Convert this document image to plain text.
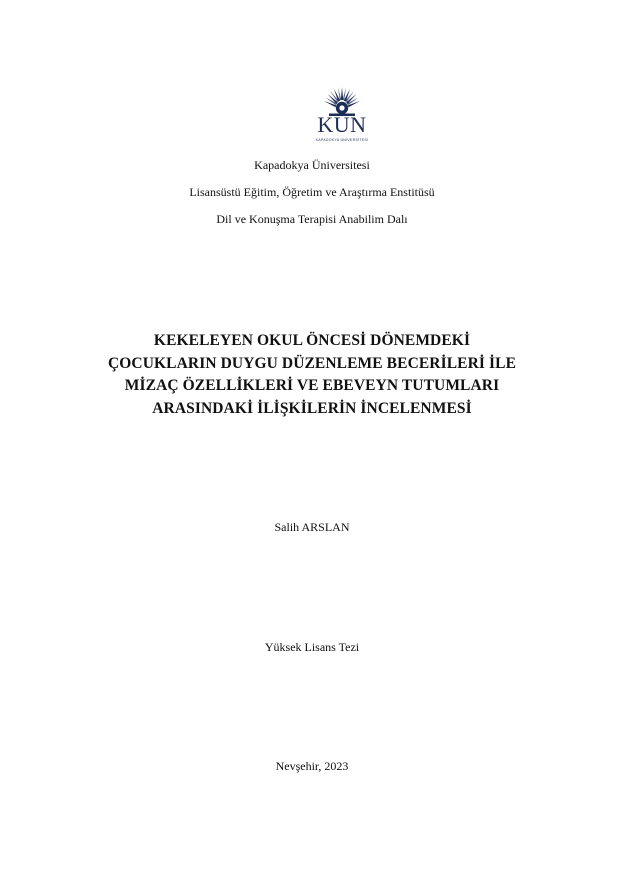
KÜN
KAPADOKYA ÜNİVERSİTESİ
Kapadokya Üniversitesi
Lisansüstü Eğitim, Öğretim ve Araştırma Enstitüsü
Dil ve Konuşma Terapisi Anabilim Dalı
KEKELEYEN OKUL ÖNCESİ DÖNEMDEKİ
ÇOCUKLARIN DUYGU DÜZENLEME BECERİLERİ İLE
MİZAÇ ÖZELLİKLERİ VE EBEVEYN TUTUMLARI
ARASINDAKİ İLİŞKİLERİN İNCELENMESİ
Salih ARSLAN
Yüksek Lisans Tezi
Nevşehir, 2023
